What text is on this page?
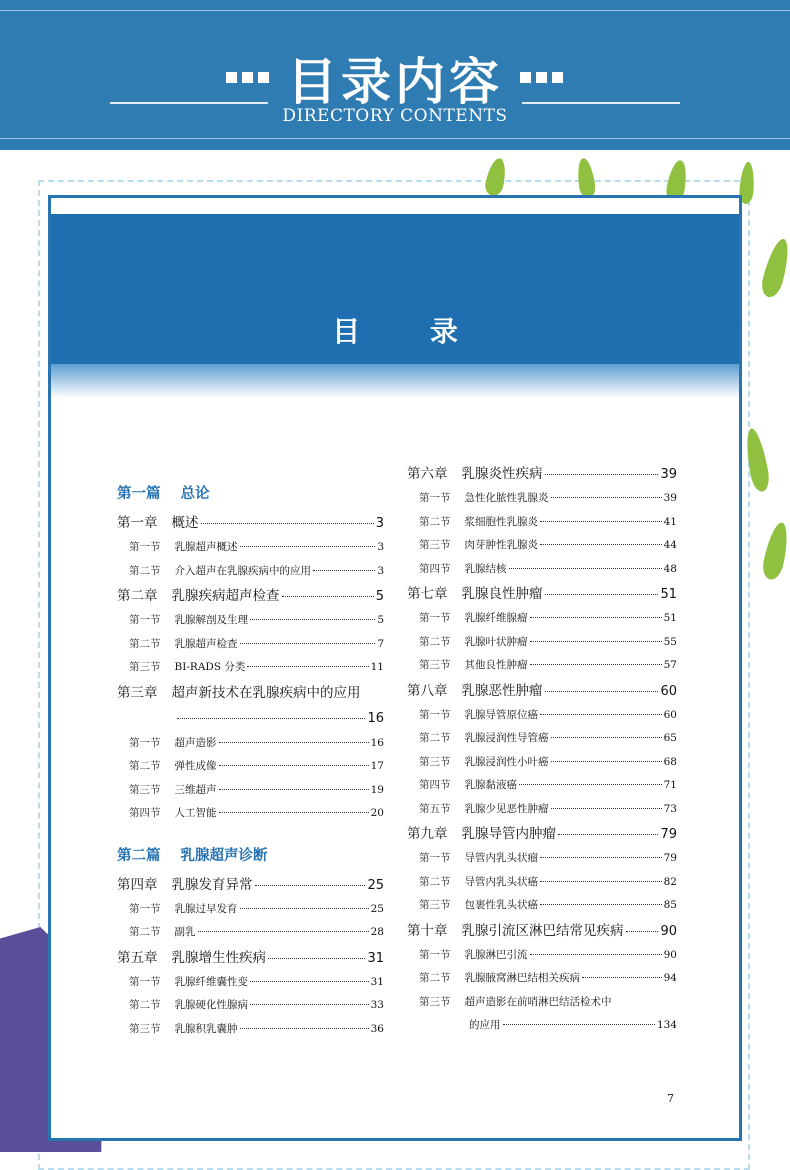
目录内容
DIRECTORY CONTENTS
目 录
第一篇 总论
第一章 概述	3
第一节 乳腺超声概述	3
第二节 介入超声在乳腺疾病中的应用	3
第二章 乳腺疾病超声检查	5
第一节 乳腺解剖及生理	5
第二节 乳腺超声检查	7
第三节 BI-RADS 分类	11
第三章 超声新技术在乳腺疾病中的应用
16
第一节 超声造影	16
第二节 弹性成像	17
第三节 三维超声	19
第四节 人工智能	20
第二篇 乳腺超声诊断
第四章 乳腺发育异常	25
第一节 乳腺过早发育	25
第二节 副乳	28
第五章 乳腺增生性疾病	31
第一节 乳腺纤维囊性变	31
第二节 乳腺硬化性腺病	33
第三节 乳腺积乳囊肿	36
第六章 乳腺炎性疾病	39
第一节 急性化脓性乳腺炎	39
第二节 浆细胞性乳腺炎	41
第三节 肉芽肿性乳腺炎	44
第四节 乳腺结核	48
第七章 乳腺良性肿瘤	51
第一节 乳腺纤维腺瘤	51
第二节 乳腺叶状肿瘤	55
第三节 其他良性肿瘤	57
第八章 乳腺恶性肿瘤	60
第一节 乳腺导管原位癌	60
第二节 乳腺浸润性导管癌	65
第三节 乳腺浸润性小叶癌	68
第四节 乳腺黏液癌	71
第五节 乳腺少见恶性肿瘤	73
第九章 乳腺导管内肿瘤	79
第一节 导管内乳头状瘤	79
第二节 导管内乳头状癌	82
第三节 包裹性乳头状癌	85
第十章 乳腺引流区淋巴结常见疾病	90
第一节 乳腺淋巴引流	90
第二节 乳腺腋窝淋巴结相关疾病	94
第三节 超声造影在前哨淋巴结活检术中
的应用	134
7
